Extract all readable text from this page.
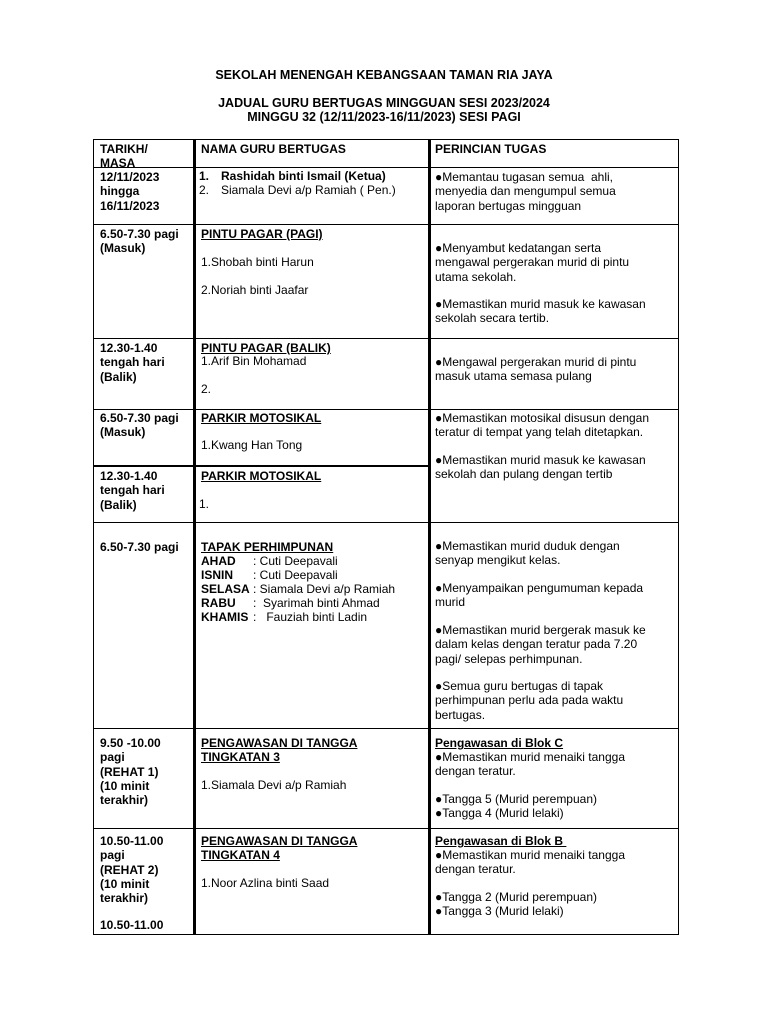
SEKOLAH MENENGAH KEBANGSAAN TAMAN RIA JAYA
JADUAL GURU BERTUGAS MINGGUAN SESI 2023/2024
MINGGU 32 (12/11/2023-16/11/2023) SESI PAGI
TARIKH/
MASA
NAMA GURU BERTUGAS	PERINCIAN TUGAS
12/11/2023
hingga
16/11/2023
1. Rashidah binti Ismail (Ketua)
2. Siamala Devi a/p Ramiah ( Pen.)
●Memantau tugasan semua  ahli,
menyedia dan mengumpul semua
laporan bertugas mingguan
6.50-7.30 pagi
(Masuk)
PINTU PAGAR (PAGI)
1.Shobah binti Harun
2.Noriah binti Jaafar
●Menyambut kedatangan serta
mengawal pergerakan murid di pintu
utama sekolah.
●Memastikan murid masuk ke kawasan
sekolah secara tertib.
12.30-1.40
tengah hari
(Balik)
PINTU PAGAR (BALIK)
1.Arif Bin Mohamad
2.
●Mengawal pergerakan murid di pintu
masuk utama semasa pulang
6.50-7.30 pagi
(Masuk)
PARKIR MOTOSIKAL
1.Kwang Han Tong
●Memastikan motosikal disusun dengan
teratur di tempat yang telah ditetapkan.
●Memastikan murid masuk ke kawasan
sekolah dan pulang dengan tertib
12.30-1.40
tengah hari
(Balik)
PARKIR MOTOSIKAL
1.
6.50-7.30 pagi TAPAK PERHIMPUNAN
AHAD : Cuti Deepavali
ISNIN : Cuti Deepavali
SELASA : Siamala Devi a/p Ramiah
RABU :  Syarimah binti Ahmad
KHAMIS :   Fauziah binti Ladin
●Memastikan murid duduk dengan
senyap mengikut kelas.
●Menyampaikan pengumuman kepada
murid
●Memastikan murid bergerak masuk ke
dalam kelas dengan teratur pada 7.20
pagi/ selepas perhimpunan.
●Semua guru bertugas di tapak
perhimpunan perlu ada pada waktu
bertugas.
9.50 -10.00
pagi
(REHAT 1)
(10 minit
terakhir)
PENGAWASAN DI TANGGA
TINGKATAN 3
1.Siamala Devi a/p Ramiah
Pengawasan di Blok C
●Memastikan murid menaiki tangga
dengan teratur.
●Tangga 5 (Murid perempuan)
●Tangga 4 (Murid lelaki)
10.50-11.00
pagi
(REHAT 2)
(10 minit
terakhir)
10.50-11.00
PENGAWASAN DI TANGGA
TINGKATAN 4
1.Noor Azlina binti Saad
Pengawasan di Blok B
●Memastikan murid menaiki tangga
dengan teratur.
●Tangga 2 (Murid perempuan)
●Tangga 3 (Murid lelaki)
